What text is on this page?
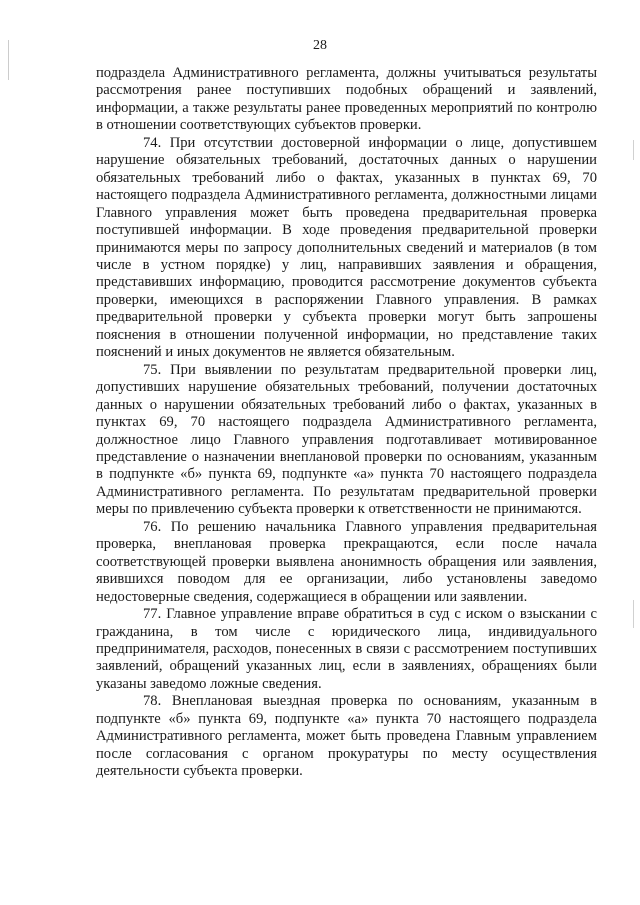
28

подраздела Административного регламента, должны учитываться результаты рассмотрения ранее поступивших подобных обращений и заявлений, информации, а также результаты ранее проведенных мероприятий по контролю в отношении соответствующих субъектов проверки.

74. При отсутствии достоверной информации о лице, допустившем нарушение обязательных требований, достаточных данных о нарушении обязательных требований либо о фактах, указанных в пунктах 69, 70 настоящего подраздела Административного регламента, должностными лицами Главного управления может быть проведена предварительная проверка поступившей информации. В ходе проведения предварительной проверки принимаются меры по запросу дополнительных сведений и материалов (в том числе в устном порядке) у лиц, направивших заявления и обращения, представивших информацию, проводится рассмотрение документов субъекта проверки, имеющихся в распоряжении Главного управления. В рамках предварительной проверки у субъекта проверки могут быть запрошены пояснения в отношении полученной информации, но представление таких пояснений и иных документов не является обязательным.

75. При выявлении по результатам предварительной проверки лиц, допустивших нарушение обязательных требований, получении достаточных данных о нарушении обязательных требований либо о фактах, указанных в пунктах 69, 70 настоящего подраздела Административного регламента, должностное лицо Главного управления подготавливает мотивированное представление о назначении внеплановой проверки по основаниям, указанным в подпункте «б» пункта 69, подпункте «а» пункта 70 настоящего подраздела Административного регламента. По результатам предварительной проверки меры по привлечению субъекта проверки к ответственности не принимаются.

76. По решению начальника Главного управления предварительная проверка, внеплановая проверка прекращаются, если после начала соответствующей проверки выявлена анонимность обращения или заявления, явившихся поводом для ее организации, либо установлены заведомо недостоверные сведения, содержащиеся в обращении или заявлении.

77. Главное управление вправе обратиться в суд с иском о взыскании с гражданина, в том числе с юридического лица, индивидуального предпринимателя, расходов, понесенных в связи с рассмотрением поступивших заявлений, обращений указанных лиц, если в заявлениях, обращениях были указаны заведомо ложные сведения.

78. Внеплановая выездная проверка по основаниям, указанным в подпункте «б» пункта 69, подпункте «а» пункта 70 настоящего подраздела Административного регламента, может быть проведена Главным управлением после согласования с органом прокуратуры по месту осуществления деятельности субъекта проверки.
